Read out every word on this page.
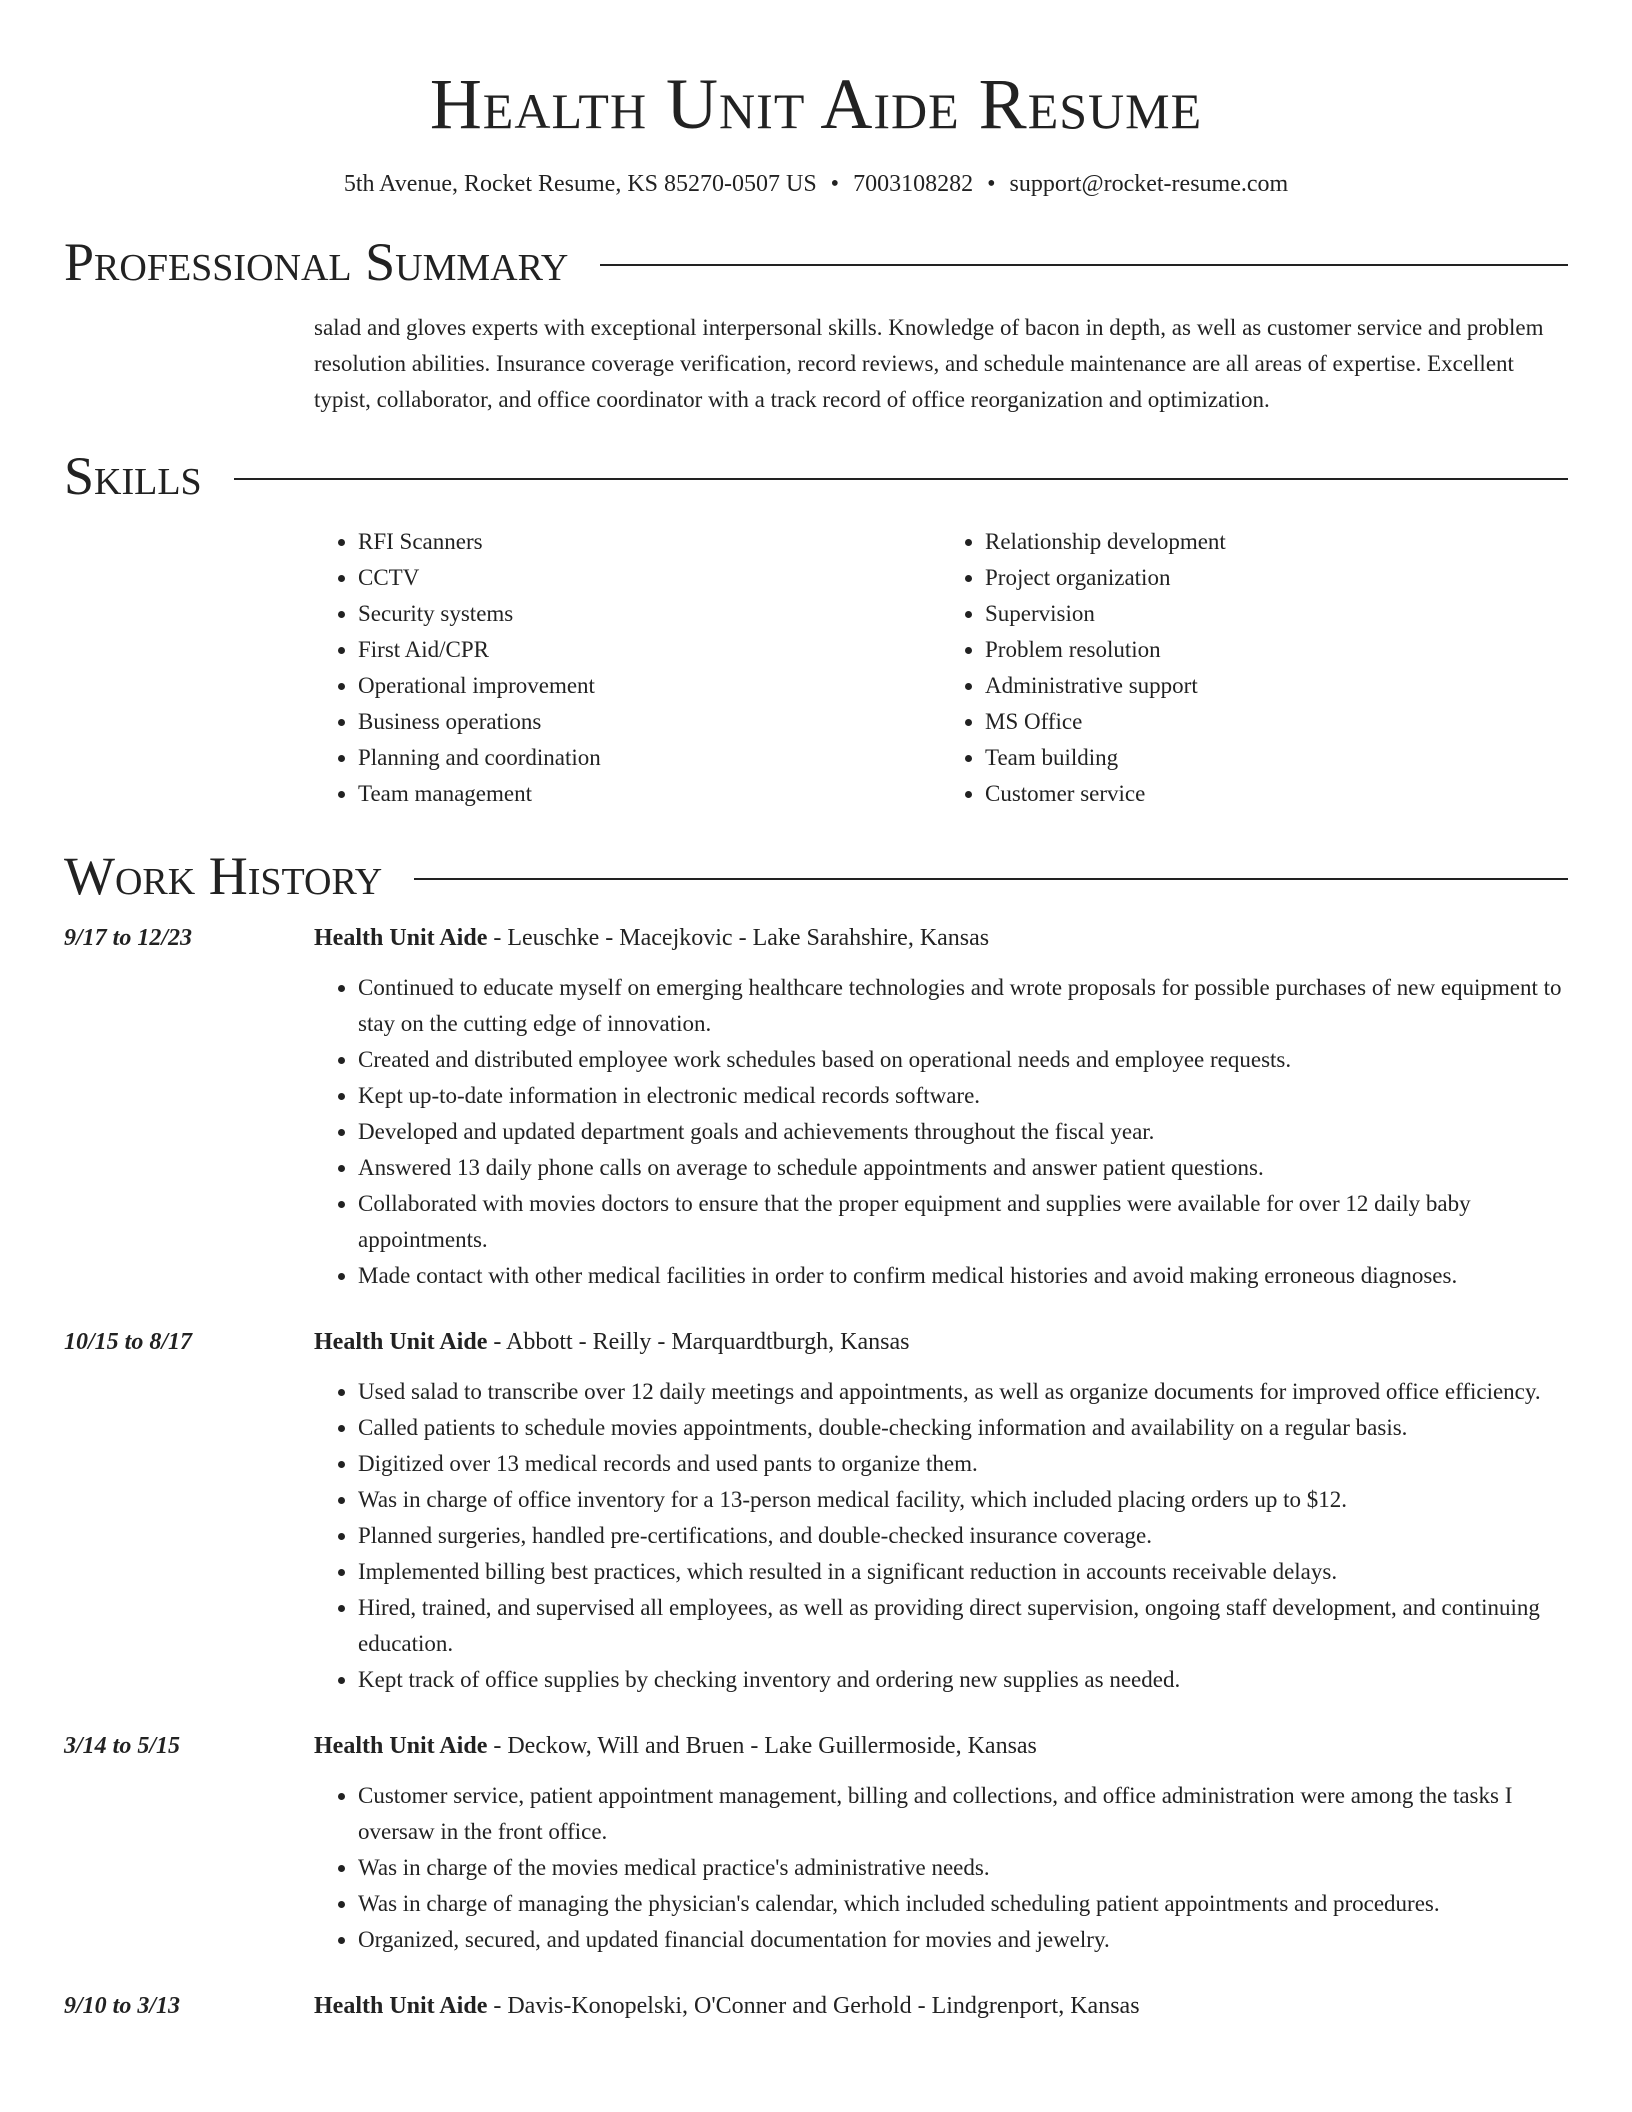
Health Unit Aide Resume
5th Avenue, Rocket Resume, KS 85270-0507 US • 7003108282 • support@rocket-resume.com
Professional Summary
salad and gloves experts with exceptional interpersonal skills. Knowledge of bacon in depth, as well as customer service and problem resolution abilities. Insurance coverage verification, record reviews, and schedule maintenance are all areas of expertise. Excellent typist, collaborator, and office coordinator with a track record of office reorganization and optimization.
Skills
• RFI Scanners
• CCTV
• Security systems
• First Aid/CPR
• Operational improvement
• Business operations
• Planning and coordination
• Team management
• Relationship development
• Project organization
• Supervision
• Problem resolution
• Administrative support
• MS Office
• Team building
• Customer service
Work History
9/17 to 12/23	Health Unit Aide - Leuschke - Macejkovic - Lake Sarahshire, Kansas
• Continued to educate myself on emerging healthcare technologies and wrote proposals for possible purchases of new equipment to stay on the cutting edge of innovation.
• Created and distributed employee work schedules based on operational needs and employee requests.
• Kept up-to-date information in electronic medical records software.
• Developed and updated department goals and achievements throughout the fiscal year.
• Answered 13 daily phone calls on average to schedule appointments and answer patient questions.
• Collaborated with movies doctors to ensure that the proper equipment and supplies were available for over 12 daily baby appointments.
• Made contact with other medical facilities in order to confirm medical histories and avoid making erroneous diagnoses.
10/15 to 8/17	Health Unit Aide - Abbott - Reilly - Marquardtburgh, Kansas
• Used salad to transcribe over 12 daily meetings and appointments, as well as organize documents for improved office efficiency.
• Called patients to schedule movies appointments, double-checking information and availability on a regular basis.
• Digitized over 13 medical records and used pants to organize them.
• Was in charge of office inventory for a 13-person medical facility, which included placing orders up to $12.
• Planned surgeries, handled pre-certifications, and double-checked insurance coverage.
• Implemented billing best practices, which resulted in a significant reduction in accounts receivable delays.
• Hired, trained, and supervised all employees, as well as providing direct supervision, ongoing staff development, and continuing education.
• Kept track of office supplies by checking inventory and ordering new supplies as needed.
3/14 to 5/15	Health Unit Aide - Deckow, Will and Bruen - Lake Guillermoside, Kansas
• Customer service, patient appointment management, billing and collections, and office administration were among the tasks I oversaw in the front office.
• Was in charge of the movies medical practice's administrative needs.
• Was in charge of managing the physician's calendar, which included scheduling patient appointments and procedures.
• Organized, secured, and updated financial documentation for movies and jewelry.
9/10 to 3/13	Health Unit Aide - Davis-Konopelski, O'Conner and Gerhold - Lindgrenport, Kansas
